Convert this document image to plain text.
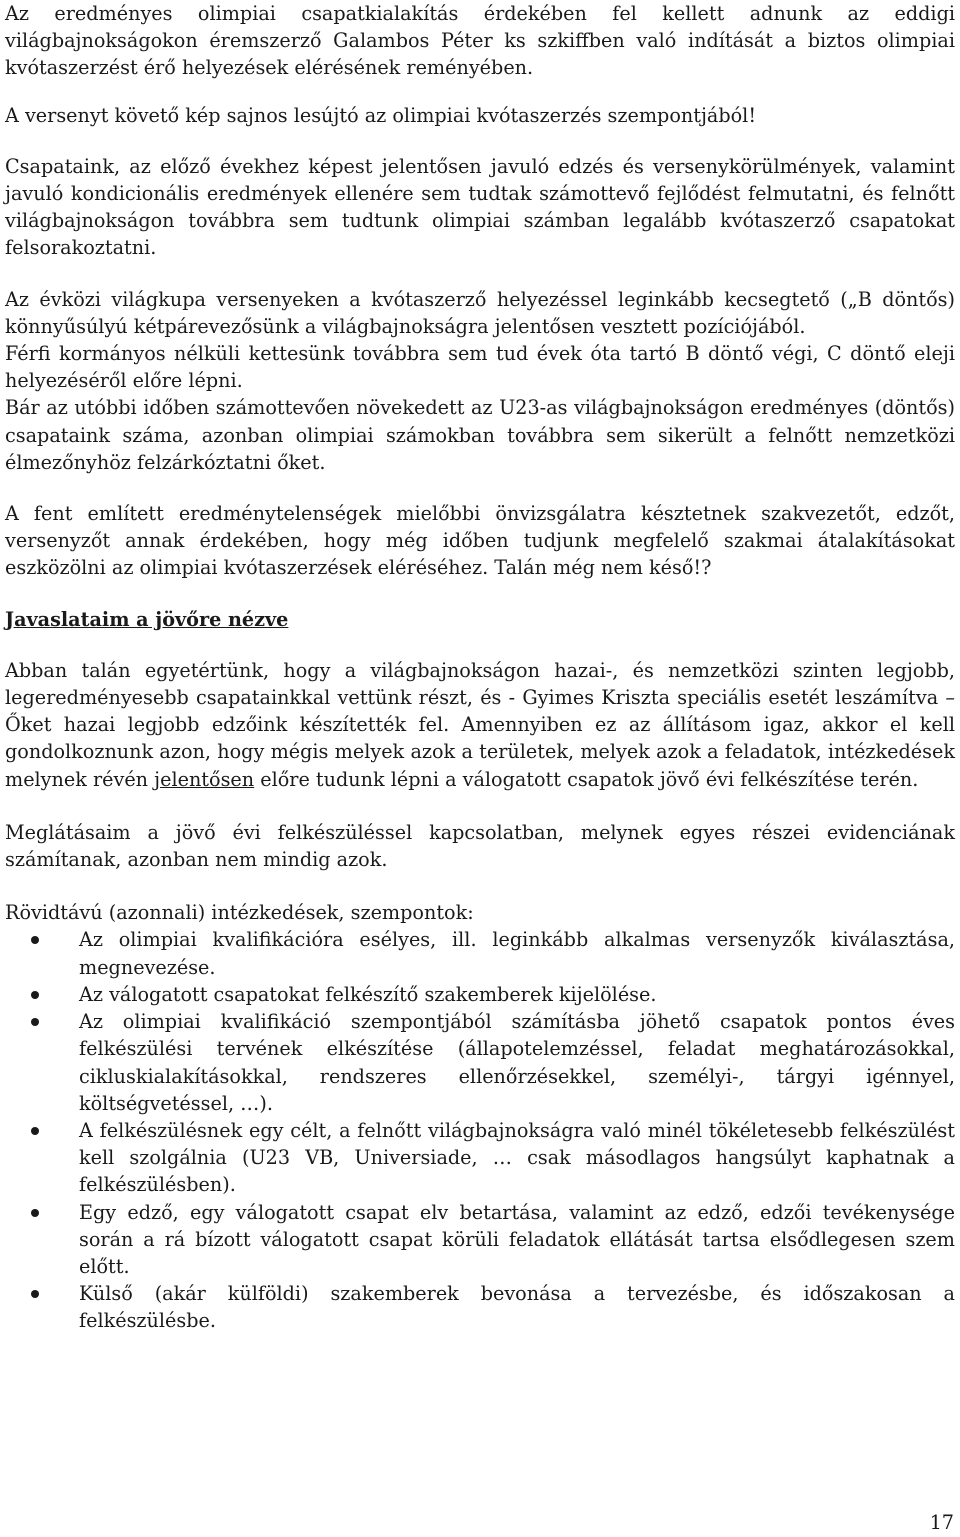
Az eredményes olimpiai csapatkialakítás érdekében fel kellett adnunk az eddigi világbajnokságokon éremszerző Galambos Péter ks szkiffben való indítását a biztos olimpiai kvótaszerzést érő helyezések elérésének reményében.

A versenyt követő kép sajnos lesújtó az olimpiai kvótaszerzés szempontjából!

Csapataink, az előző évekhez képest jelentősen javuló edzés és versenykörülmények, valamint javuló kondicionális eredmények ellenére sem tudtak számottevő fejlődést felmutatni, és felnőtt világbajnokságon továbbra sem tudtunk olimpiai számban legalább kvótaszerző csapatokat felsorakoztatni.

Az évközi világkupa versenyeken a kvótaszerző helyezéssel leginkább kecsegtető („B döntős) könnyűsúlyú kétpárevezősünk a világbajnokságra jelentősen vesztett pozíciójából.

Férfi kormányos nélküli kettesünk továbbra sem tud évek óta tartó B döntő végi, C döntő eleji helyezéséről előre lépni.

Bár az utóbbi időben számottevően növekedett az U23-as világbajnokságon eredményes (döntős) csapataink száma, azonban olimpiai számokban továbbra sem sikerült a felnőtt nemzetközi élmezőnyhöz felzárkóztatni őket.

A fent említett eredménytelenségek mielőbbi önvizsgálatra késztetnek szakvezetőt, edzőt, versenyzőt annak érdekében, hogy még időben tudjunk megfelelő szakmai átalakításokat eszközölni az olimpiai kvótaszerzések eléréséhez. Talán még nem késő!?

Javaslataim a jövőre nézve

Abban talán egyetértünk, hogy a világbajnokságon hazai-, és nemzetközi szinten legjobb, legeredményesebb csapatainkkal vettünk részt, és - Gyimes Kriszta speciális esetét leszámítva – Őket hazai legjobb edzőink készítették fel. Amennyiben ez az állításom igaz, akkor el kell gondolkoznunk azon, hogy mégis melyek azok a területek, melyek azok a feladatok, intézkedések melynek révén jelentősen előre tudunk lépni a válogatott csapatok jövő évi felkészítése terén.

Meglátásaim a jövő évi felkészüléssel kapcsolatban, melynek egyes részei evidenciának számítanak, azonban nem mindig azok.

Rövidtávú (azonnali) intézkedések, szempontok:

Az olimpiai kvalifikációra esélyes, ill. leginkább alkalmas versenyzők kiválasztása, megnevezése.
Az válogatott csapatokat felkészítő szakemberek kijelölése.
Az olimpiai kvalifikáció szempontjából számításba jöhető csapatok pontos éves felkészülési tervének elkészítése (állapotelemzéssel, feladat meghatározásokkal, cikluskialakításokkal, rendszeres ellenőrzésekkel, személyi-, tárgyi igénnyel, költségvetéssel, …).
A felkészülésnek egy célt, a felnőtt világbajnokságra való minél tökéletesebb felkészülést kell szolgálnia (U23 VB, Universiade, … csak másodlagos hangsúlyt kaphatnak a felkészülésben).
Egy edző, egy válogatott csapat elv betartása, valamint az edző, edzői tevékenysége során a rá bízott válogatott csapat körüli feladatok ellátását tartsa elsődlegesen szem előtt.
Külső (akár külföldi) szakemberek bevonása a tervezésbe, és időszakosan a felkészülésbe.
17
